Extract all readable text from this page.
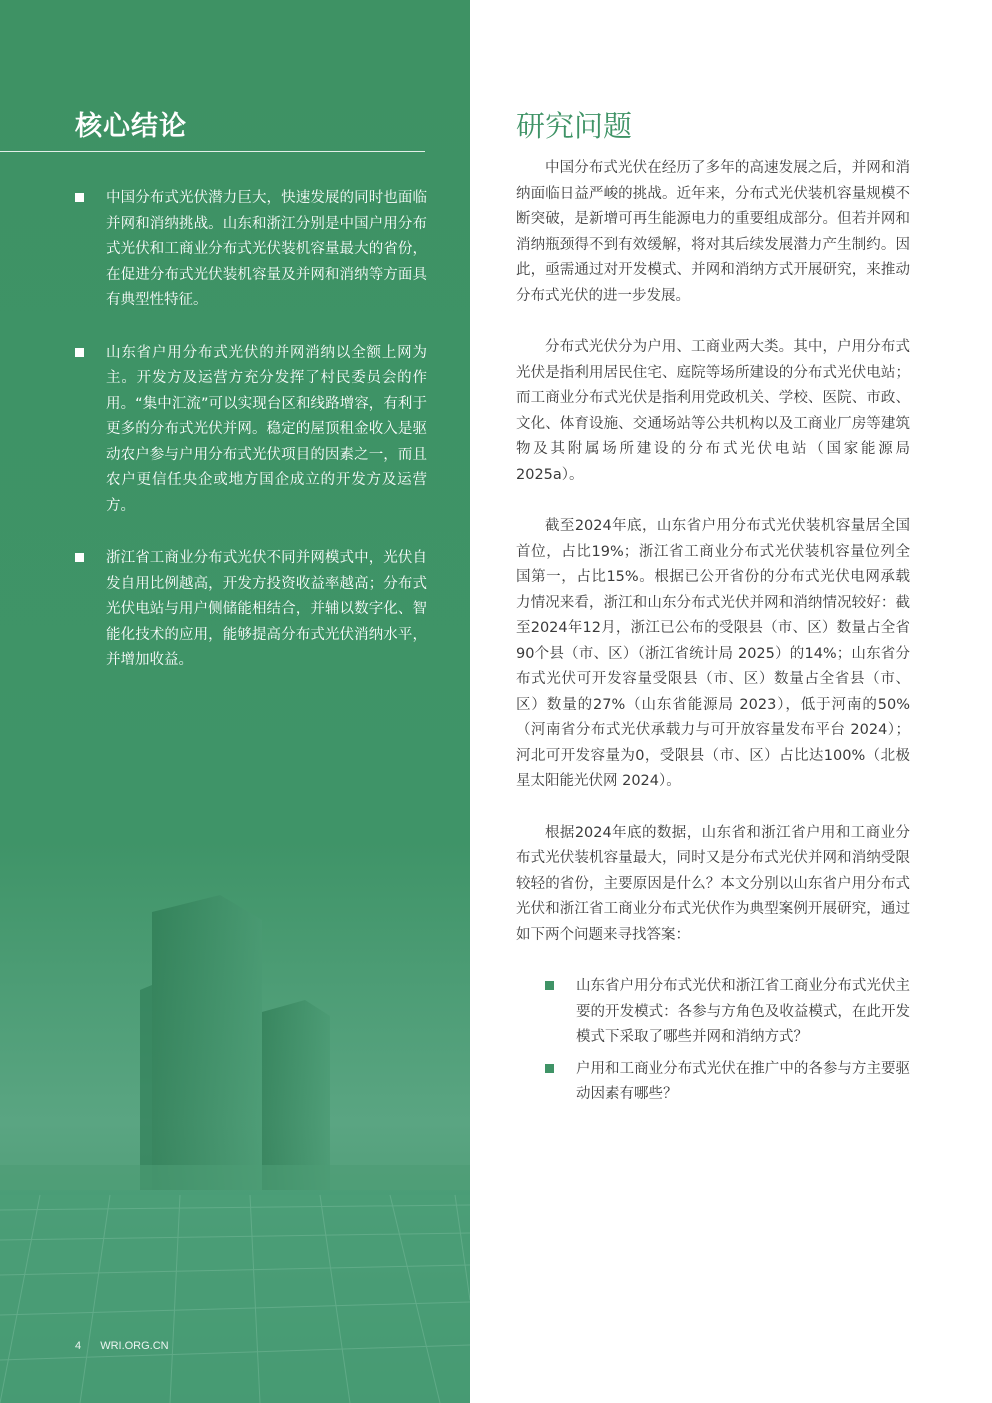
核心结论
中国分布式光伏潜力巨大，快速发展的同时也面临并网和消纳挑战。山东和浙江分别是中国户用分布式光伏和工商业分布式光伏装机容量最大的省份，在促进分布式光伏装机容量及并网和消纳等方面具有典型性特征。
山东省户用分布式光伏的并网消纳以全额上网为主。开发方及运营方充分发挥了村民委员会的作用。“集中汇流”可以实现台区和线路增容，有利于更多的分布式光伏并网。稳定的屋顶租金收入是驱动农户参与户用分布式光伏项目的因素之一，而且农户更信任央企或地方国企成立的开发方及运营方。
浙江省工商业分布式光伏不同并网模式中，光伏自发自用比例越高，开发方投资收益率越高；分布式光伏电站与用户侧储能相结合，并辅以数字化、智能化技术的应用，能够提高分布式光伏消纳水平，并增加收益。
4 WRI.ORG.CN
研究问题

中国分布式光伏在经历了多年的高速发展之后，并网和消纳面临日益严峻的挑战。近年来，分布式光伏装机容量规模不断突破，是新增可再生能源电力的重要组成部分。但若并网和消纳瓶颈得不到有效缓解，将对其后续发展潜力产生制约。因此，亟需通过对开发模式、并网和消纳方式开展研究，来推动分布式光伏的进一步发展。

分布式光伏分为户用、工商业两大类。其中，户用分布式光伏是指利用居民住宅、庭院等场所建设的分布式光伏电站；而工商业分布式光伏是指利用党政机关、学校、医院、市政、文化、体育设施、交通场站等公共机构以及工商业厂房等建筑物及其附属场所建设的分布式光伏电站（国家能源局 2025a）。

截至2024年底，山东省户用分布式光伏装机容量居全国首位，占比19%；浙江省工商业分布式光伏装机容量位列全国第一，占比15%。根据已公开省份的分布式光伏电网承载力情况来看，浙江和山东分布式光伏并网和消纳情况较好：截至2024年12月，浙江已公布的受限县（市、区）数量占全省90个县（市、区）（浙江省统计局 2025）的14%；山东省分布式光伏可开发容量受限县（市、区）数量占全省县（市、区）数量的27%（山东省能源局 2023），低于河南的50%（河南省分布式光伏承载力与可开放容量发布平台 2024）；河北可开发容量为0，受限县（市、区）占比达100%（北极星太阳能光伏网 2024）。

根据2024年底的数据，山东省和浙江省户用和工商业分布式光伏装机容量最大，同时又是分布式光伏并网和消纳受限较轻的省份，主要原因是什么？本文分别以山东省户用分布式光伏和浙江省工商业分布式光伏作为典型案例开展研究，通过如下两个问题来寻找答案：

山东省户用分布式光伏和浙江省工商业分布式光伏主要的开发模式：各参与方角色及收益模式，在此开发模式下采取了哪些并网和消纳方式？
户用和工商业分布式光伏在推广中的各参与方主要驱动因素有哪些？
